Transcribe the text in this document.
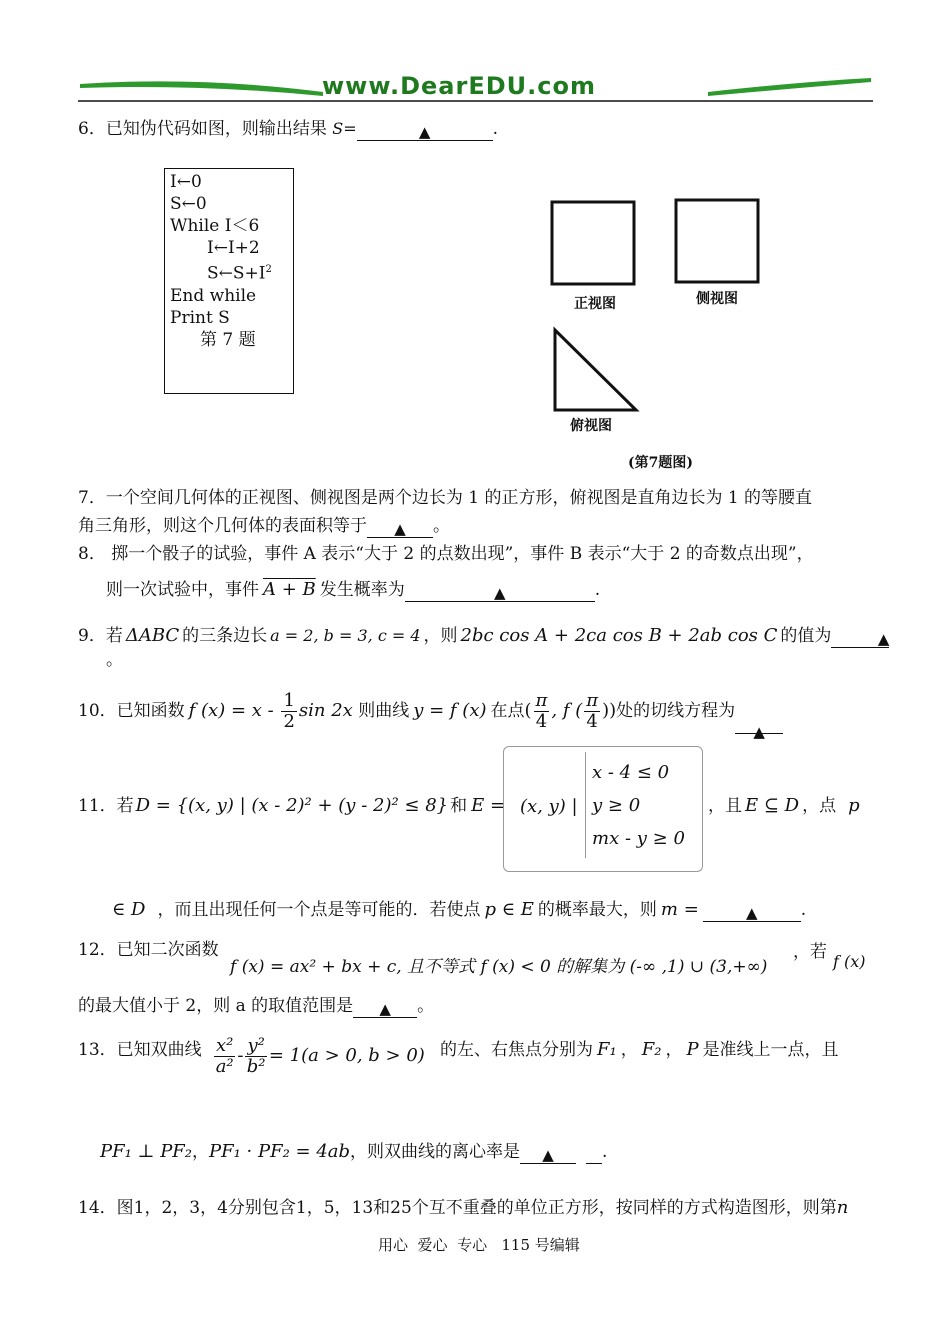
www.DearEDU.com
6．已知伪代码如图，则输出结果 S=	▲	.
I←0
S←0
While I＜6
I←I+2
$S\leftarrow S+I^2$
End while
Print S
第 7 题
正视图	侧视图
俯视图
(第7题图)
7．一个空间几何体的正视图、侧视图是两个边长为 1 的正方形，俯视图是直角边长为 1 的等腰直
角三角形，则这个几何体的表面积等于 ▲ 。
8． 掷一个骰子的试验，事件 A 表示“大于 2 的点数出现”，事件 B 表示“大于 2 的奇数点出现”，
则一次试验中，事件 A + B 发生概率为	▲	.
9．若 ΔABC 的三条边长 a = 2, b = 3, c = 4 ，则 2bc cos A + 2ca cos B + 2ab cos C 的值为	▲
。
10．已知函数 f $(x) = x - \frac{1}{2}$ sin 2x 则曲线 y = f (x) 在点( $\frac{\pi}{4}$ , f ( $\frac{\pi}{4}$ ))处的切线方程为▲
11．若 D = {(x, y) | (x - 2)² + (y - 2)² ≤ 8} 和 E = (x, y) |
x - 4 ≤ 0
y ≥ 0
mx - y ≥ 0
，且 E ⊆ D ，点 p
∈ D ，而且出现任何一个点是等可能的．若使点 p ∈ E 的概率最大，则 m =	▲	.
12．已知二次函数
f (x) = ax² + bx + c, 且不等式 f (x) < 0 的解集为 (-∞ ,1) ∪ (3,+∞)
，若 f (x)
的最大值小于 2，则 a 的取值范围是 ▲ 。
13．已知双曲线 $\frac{\text{x²}}{\text{a²}} - \frac{\text{y²}}{\text{b²}} = 1(a > 0$, b > 0) 的左、右焦点分别为 F₁ ， F₂ ， P 是准线上一点，且
PF₁ ⊥ PF₂，PF₁ · PF₂ = 4ab，则双曲线的离心率是 ▲	.
14．图1，2，3，4分别包含1，5，13和25个互不重叠的单位正方形，按同样的方式构造图形，则第n
用心  爱心  专心   115 号编辑
